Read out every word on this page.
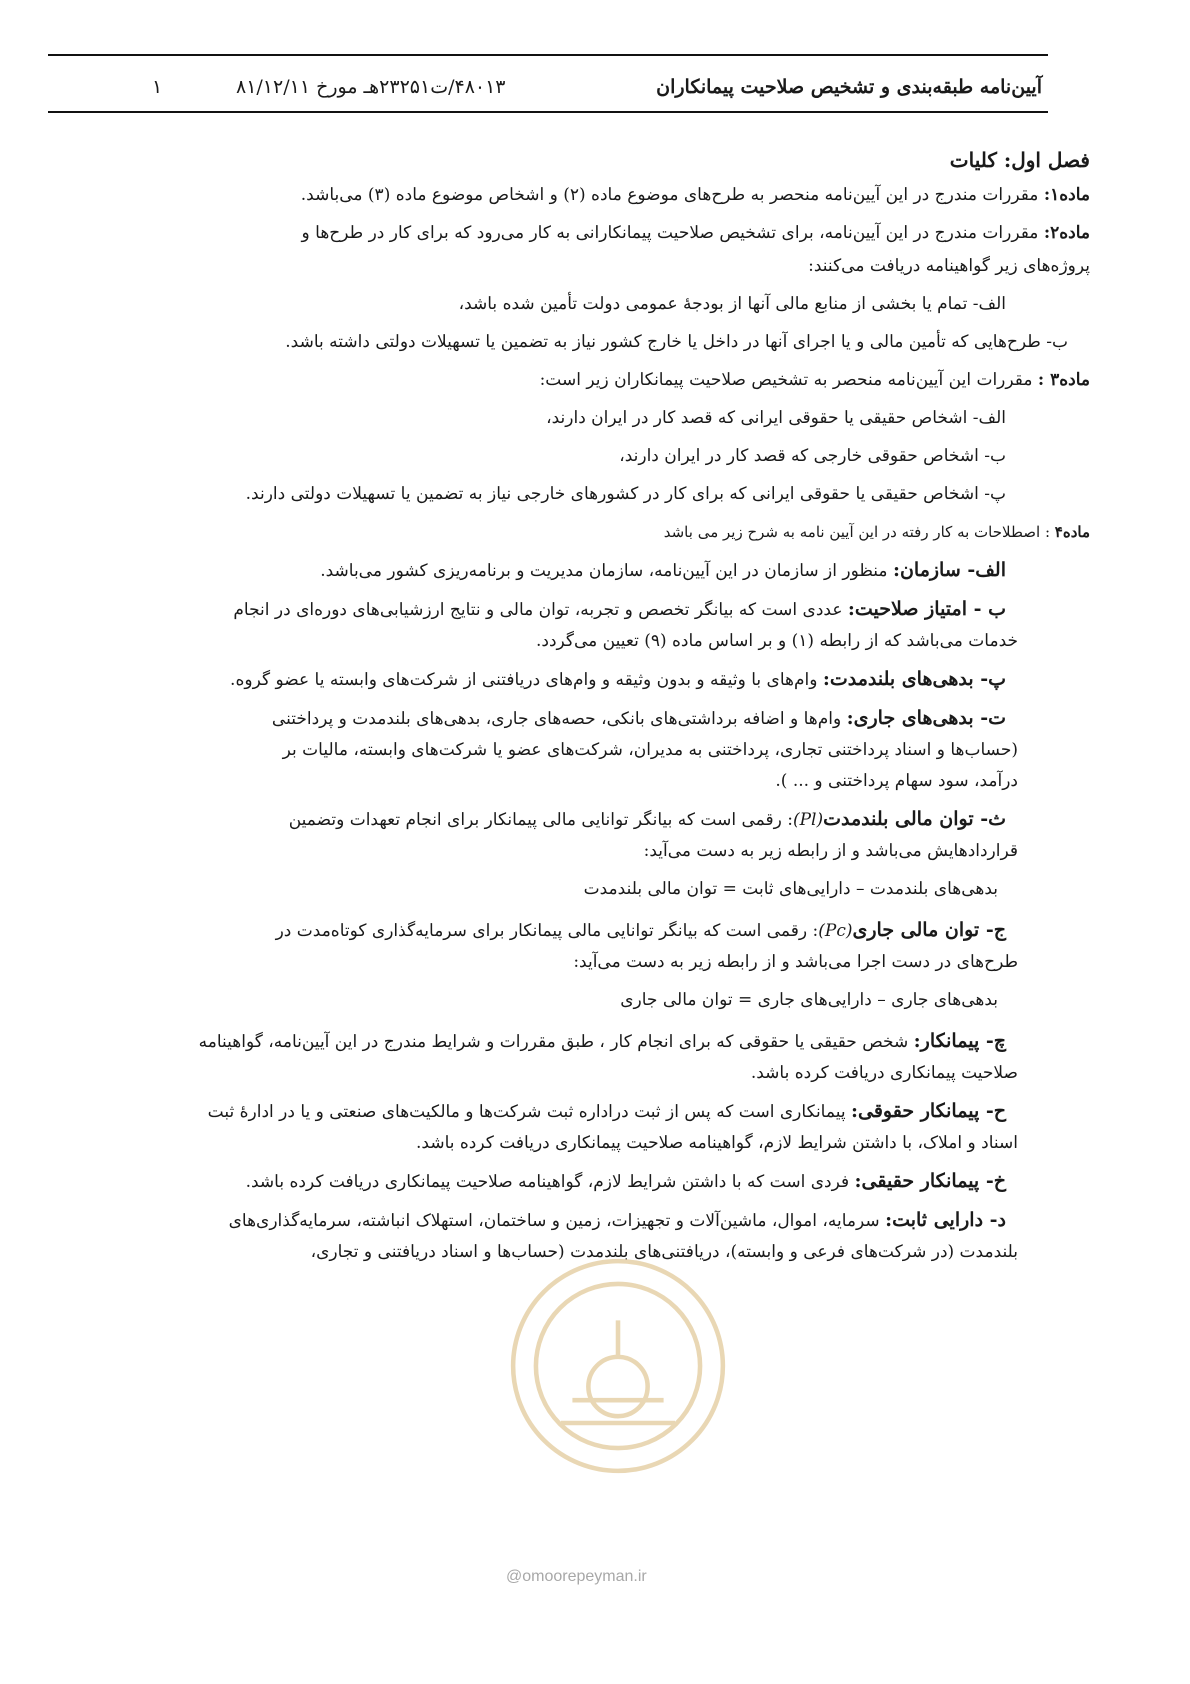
آیین‌نامه طبقه‌بندی و تشخیص صلاحیت پیمانکاران
۴۸۰۱۳/ت۲۳۲۵۱هـ مورخ ۸۱/۱۲/۱۱
۱
فصل اول: کلیات
ماده۱: مقررات مندرج در این آیین‌نامه منحصر به طرح‌های موضوع ماده (۲) و اشخاص موضوع ماده (۳) می‌باشد.
ماده۲: مقررات مندرج در این آیین‌نامه، برای تشخیص صلاحیت پیمانکارانی به کار می‌رود که برای کار در طرح‌ها و
پروژه‌های زیر گواهینامه دریافت می‌کنند:
الف- تمام یا بخشی از منابع مالی آنها از بودجهٔ عمومی دولت تأمین شده باشد،
ب- طرح‌هایی که تأمین مالی و یا اجرای آنها در داخل یا خارج کشور نیاز به تضمین یا تسهیلات دولتی داشته باشد.
ماده۳ : مقررات این آیین‌نامه منحصر به تشخیص صلاحیت پیمانکاران زیر است:
الف- اشخاص حقیقی یا حقوقی ایرانی که قصد کار در ایران دارند،
ب- اشخاص حقوقی خارجی که قصد کار در ایران دارند،
پ- اشخاص حقیقی یا حقوقی ایرانی که برای کار در کشورهای خارجی نیاز به تضمین یا تسهیلات دولتی دارند.
ماده۴ : اصطلاحات به کار رفته در این آیین نامه به شرح زیر می باشد
الف- سازمان: منظور از سازمان در این آیین‌نامه، سازمان مدیریت و برنامه‌ریزی کشور می‌باشد.
ب - امتیاز صلاحیت: عددی است که بیانگر تخصص و تجربه، توان مالی و نتایج ارزشیابی‌های دوره‌ای در انجام
خدمات می‌باشد که از رابطه (۱) و بر اساس ماده (۹) تعیین می‌گردد.
پ- بدهی‌های بلندمدت: وام‌های با وثیقه و بدون وثیقه و وام‌های دریافتنی از شرکت‌های وابسته یا عضو گروه.
ت- بدهی‌های جاری: وام‌ها و اضافه برداشتی‌های بانکی، حصه‌های جاری، بدهی‌های بلندمدت و پرداختنی
(حساب‌ها و اسناد پرداختنی تجاری، پرداختنی به مدیران، شرکت‌های عضو یا شرکت‌های وابسته، مالیات بر
درآمد، سود سهام پرداختنی و ... ).
ث- توان مالی بلندمدت(Pl): رقمی است که بیانگر توانایی مالی پیمانکار برای انجام تعهدات وتضمین
قراردادهایش می‌باشد و از رابطه زیر به دست می‌آید:
بدهی‌های بلندمدت – دارایی‌های ثابت = توان مالی بلندمدت
ج- توان مالی جاری(Pc): رقمی است که بیانگر توانایی مالی پیمانکار برای سرمایه‌گذاری کوتاه‌مدت در
طرح‌های در دست اجرا می‌باشد و از رابطه زیر به دست می‌آید:
بدهی‌های جاری – دارایی‌های جاری = توان مالی جاری
چ- پیمانکار: شخص حقیقی یا حقوقی که برای انجام کار ، طبق مقررات و شرایط مندرج در این آیین‌نامه، گواهینامه
صلاحیت پیمانکاری دریافت کرده باشد.
ح- پیمانکار حقوقی: پیمانکاری است که پس از ثبت دراداره ثبت شرکت‌ها و مالکیت‌های صنعتی و یا در ادارهٔ ثبت
اسناد و املاک، با داشتن شرایط لازم، گواهینامه صلاحیت پیمانکاری دریافت کرده باشد.
خ- پیمانکار حقیقی: فردی است که با داشتن شرایط لازم، گواهینامه صلاحیت پیمانکاری دریافت کرده باشد.
د- دارایی ثابت: سرمایه، اموال، ماشین‌آلات و تجهیزات، زمین و ساختمان، استهلاک انباشته، سرمایه‌گذاری‌های
بلندمدت (در شرکت‌های فرعی و وابسته)، دریافتنی‌های بلندمدت (حساب‌ها و اسناد دریافتنی و تجاری،
@omoorepeyman.ir
